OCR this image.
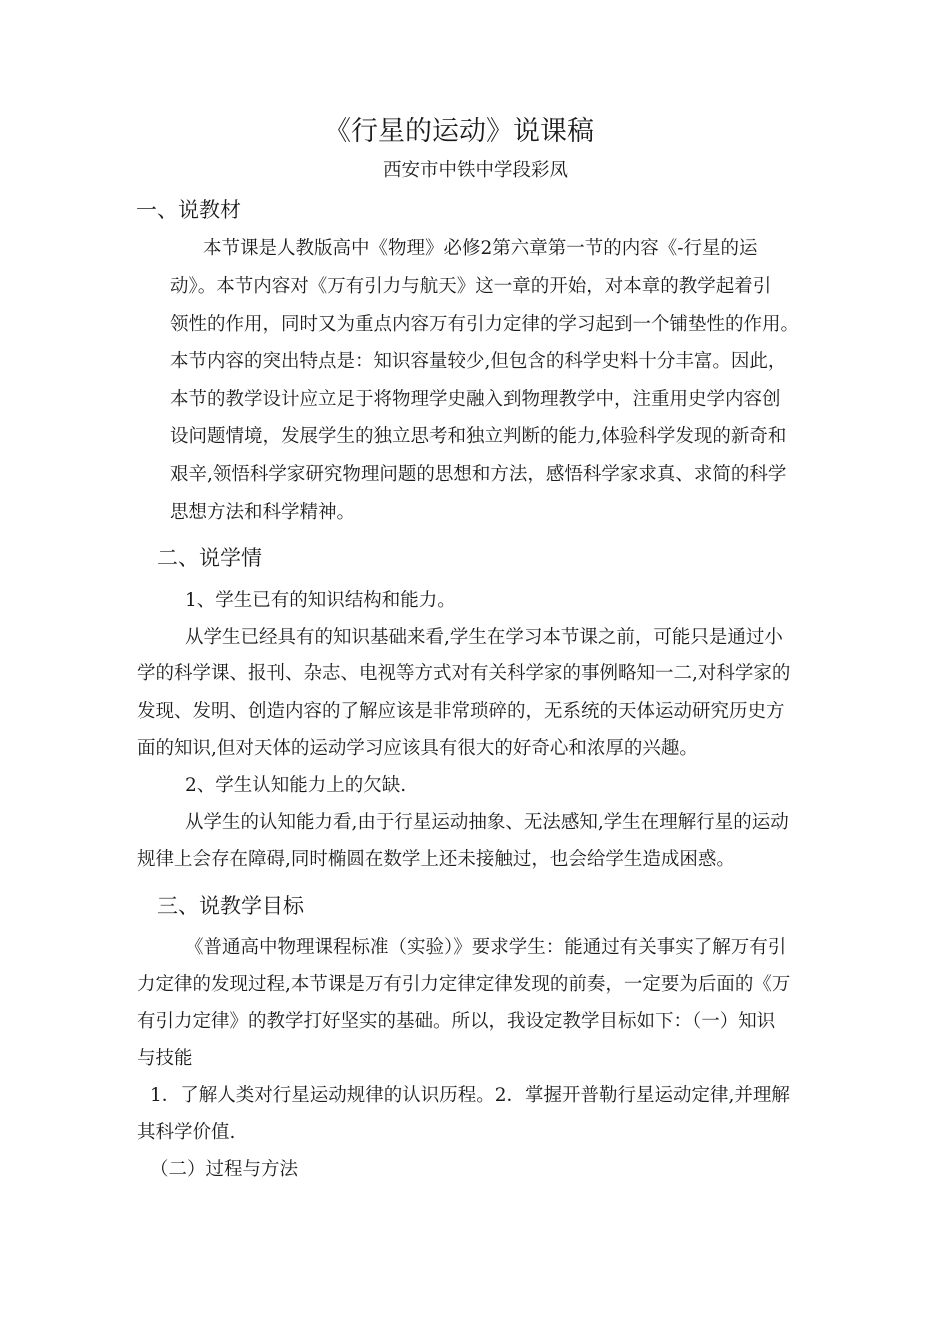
《行星的运动》说课稿
西安市中铁中学段彩凤
一、说教材
本节课是人教版高中《物理》必修2第六章第一节的内容《-行星的运
动》。本节内容对《万有引力与航天》这一章的开始，对本章的教学起着引
领性的作用，同时又为重点内容万有引力定律的学习起到一个铺垫性的作用。
本节内容的突出特点是：知识容量较少,但包含的科学史料十分丰富。因此，
本节的教学设计应立足于将物理学史融入到物理教学中，注重用史学内容创
设问题情境，发展学生的独立思考和独立判断的能力,体验科学发现的新奇和
艰辛,领悟科学家研究物理问题的思想和方法，感悟科学家求真、求简的科学
思想方法和科学精神。
二、说学情
1、学生已有的知识结构和能力。
从学生已经具有的知识基础来看,学生在学习本节课之前，可能只是通过小
学的科学课、报刊、杂志、电视等方式对有关科学家的事例略知一二,对科学家的
发现、发明、创造内容的了解应该是非常琐碎的，无系统的天体运动研究历史方
面的知识,但对天体的运动学习应该具有很大的好奇心和浓厚的兴趣。
2、学生认知能力上的欠缺.
从学生的认知能力看,由于行星运动抽象、无法感知,学生在理解行星的运动
规律上会存在障碍,同时椭圆在数学上还未接触过，也会给学生造成困惑。
三、说教学目标
《普通高中物理课程标准（实验）》要求学生：能通过有关事实了解万有引
力定律的发现过程,本节课是万有引力定律定律发现的前奏，一定要为后面的《万
有引力定律》的教学打好坚实的基础。所以，我设定教学目标如下：（一）知识
与技能
1．了解人类对行星运动规律的认识历程。2．掌握开普勒行星运动定律,并理解
其科学价值.
（二）过程与方法
